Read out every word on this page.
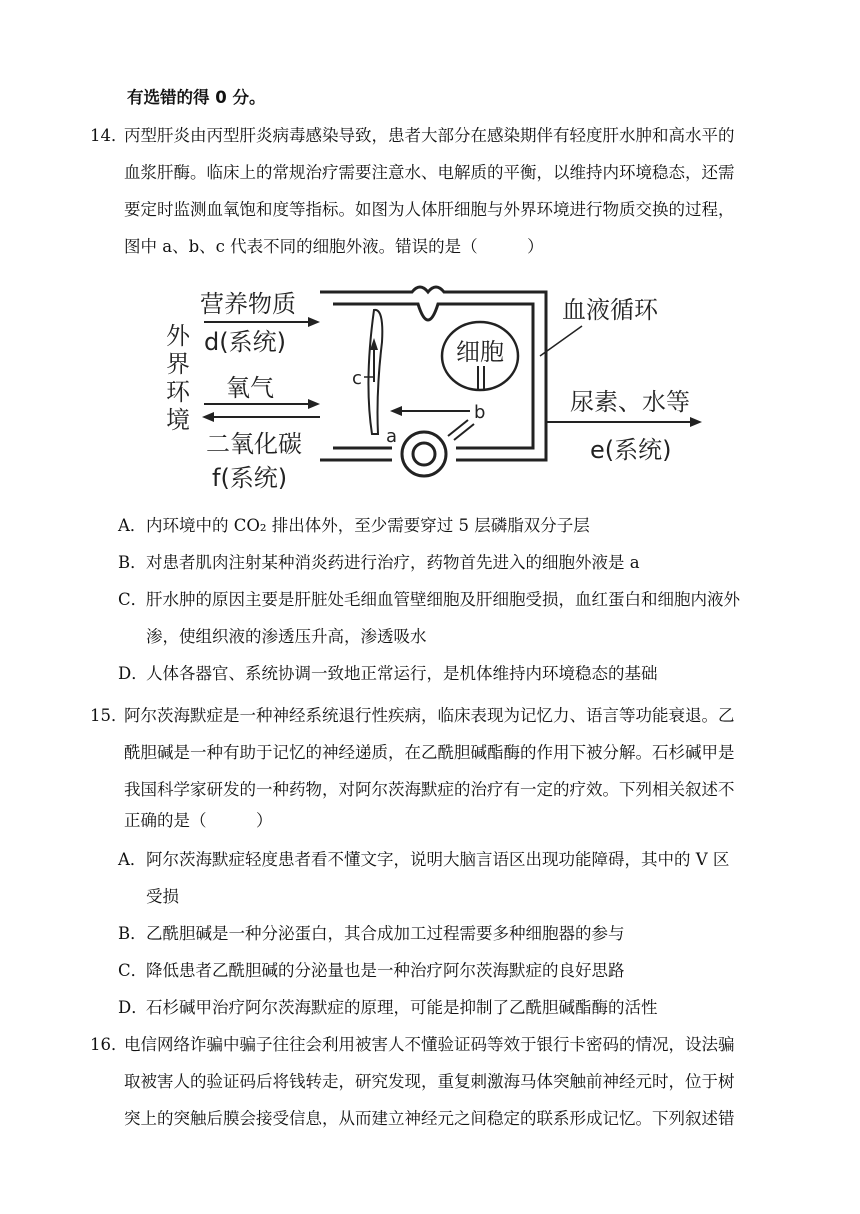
有选错的得 0 分。
14．
丙型肝炎由丙型肝炎病毒感染导致，患者大部分在感染期伴有轻度肝水肿和高水平的
血浆肝酶。临床上的常规治疗需要注意水、电解质的平衡，以维持内环境稳态，还需
要定时监测血氧饱和度等指标。如图为人体肝细胞与外界环境进行物质交换的过程，
图中 a、b、c 代表不同的细胞外液。错误的是（　　　）
外
界
环
境
营养物质
d(系统)
氧气
二氧化碳
f(系统)
c
细胞
b
a
血液循环
尿素、水等
e(系统)
A． 内环境中的 CO₂ 排出体外，至少需要穿过 5 层磷脂双分子层
B． 对患者肌肉注射某种消炎药进行治疗，药物首先进入的细胞外液是 a
C．
肝水肿的原因主要是肝脏处毛细血管壁细胞及肝细胞受损，血红蛋白和细胞内液外
渗，使组织液的渗透压升高，渗透吸水
D．
人体各器官、系统协调一致地正常运行，是机体维持内环境稳态的基础
15．
阿尔茨海默症是一种神经系统退行性疾病，临床表现为记忆力、语言等功能衰退。乙
酰胆碱是一种有助于记忆的神经递质，在乙酰胆碱酯酶的作用下被分解。石杉碱甲是
我国科学家研发的一种药物，对阿尔茨海默症的治疗有一定的疗效。下列相关叙述不
正确的是（　　　）
A． 阿尔茨海默症轻度患者看不懂文字，说明大脑言语区出现功能障碍，其中的 V 区
受损
B． 乙酰胆碱是一种分泌蛋白，其合成加工过程需要多种细胞器的参与
C．
降低患者乙酰胆碱的分泌量也是一种治疗阿尔茨海默症的良好思路
D．
石杉碱甲治疗阿尔茨海默症的原理，可能是抑制了乙酰胆碱酯酶的活性
16．
电信网络诈骗中骗子往往会利用被害人不懂验证码等效于银行卡密码的情况，设法骗
取被害人的验证码后将钱转走，研究发现，重复刺激海马体突触前神经元时，位于树
突上的突触后膜会接受信息，从而建立神经元之间稳定的联系形成记忆。下列叙述错
